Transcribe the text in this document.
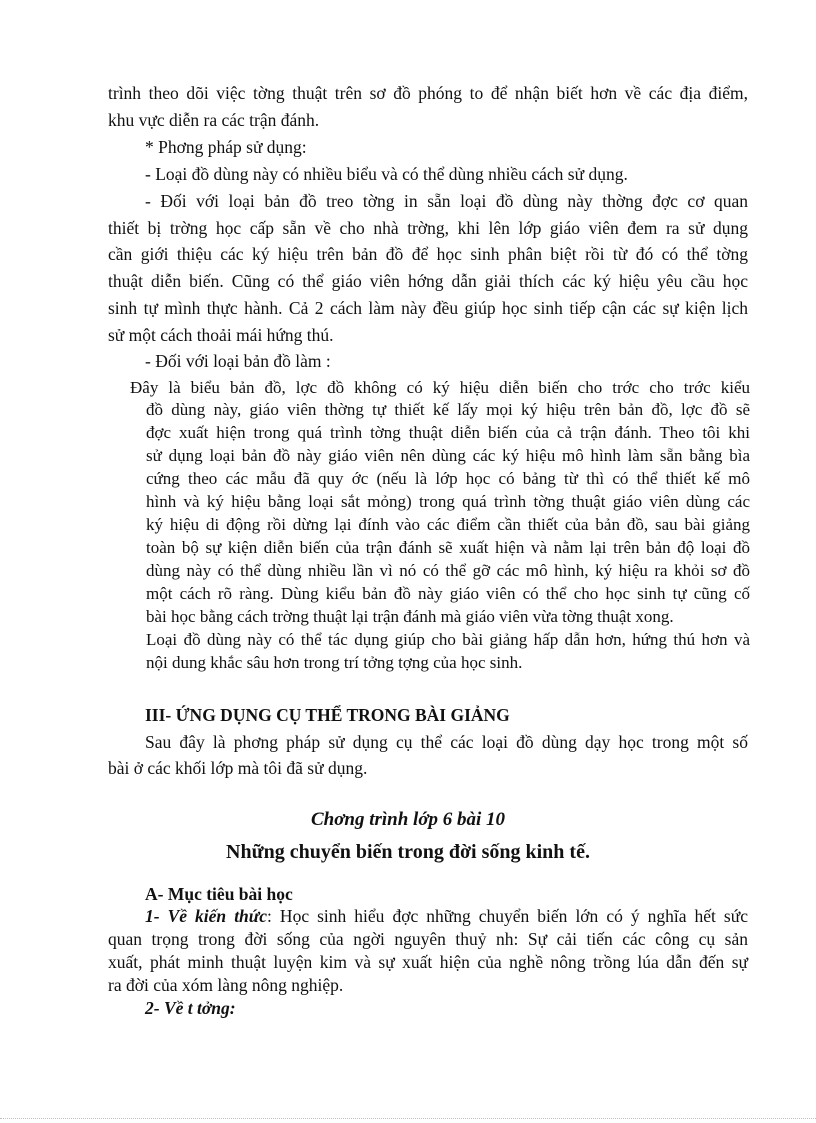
trình theo dõi việc tờng thuật trên sơ đồ phóng to để nhận biết hơn về các địa điểm,
khu vực diễn ra các trận đánh.
* Phơng pháp sử dụng:
- Loại đồ dùng này có nhiều biểu và có thể dùng nhiều cách sử dụng.
- Đối với loại bản đồ treo tờng in sẵn loại đồ dùng này thờng đợc cơ quan
thiết bị trờng học cấp sẵn về cho nhà trờng, khi lên lớp giáo viên đem ra sử dụng
cần giới thiệu các ký hiệu trên bản đồ để học sinh phân biệt rồi từ đó có thể tờng
thuật diễn biến. Cũng có thể giáo viên hớng dẫn giải thích các ký hiệu yêu cầu học
sinh tự mình thực hành. Cả 2 cách làm này đều giúp học sinh tiếp cận các sự kiện lịch
sử một cách thoải mái hứng thú.
- Đối với loại bản đồ làm :
Đây là biểu bản đồ, lợc đồ không có ký hiệu diễn biến cho trớc cho trớc kiểu
đồ dùng này, giáo viên thờng tự thiết kế lấy mọi ký hiệu trên bản đồ, lợc đồ sẽ
đợc xuất hiện trong quá trình tờng thuật diễn biến của cả trận đánh. Theo tôi khi
sử dụng loại bản đồ này giáo viên nên dùng các ký hiệu mô hình làm sẵn bằng bìa
cứng theo các mẫu đã quy ớc (nếu là lớp học có bảng từ thì có thể thiết kế mô
hình và ký hiệu bằng loại sắt mỏng) trong quá trình tờng thuật giáo viên dùng các
ký hiệu di động rồi dừng lại đính vào các điểm cần thiết của bản đồ, sau bài giảng
toàn bộ sự kiện diễn biến của trận đánh sẽ xuất hiện và nằm lại trên bản độ loại đồ
dùng này có thể dùng nhiều lần vì nó có thể gỡ các mô hình, ký hiệu ra khỏi sơ đồ
một cách rõ ràng. Dùng kiểu bản đồ này giáo viên có thể cho học sinh tự cũng cố
bài học bằng cách trờng thuật lại trận đánh mà giáo viên vừa tờng thuật xong.
Loại đồ dùng này có thể tác dụng giúp cho bài giảng hấp dẫn hơn, hứng thú hơn và
nội dung khắc sâu hơn trong trí tởng tợng của học sinh.
III- ỨNG DỤNG CỤ THỂ TRONG BÀI GIẢNG
Sau đây là phơng pháp sử dụng cụ thể các loại đồ dùng dạy học trong một số
bài ở các khối lớp mà tôi đã sử dụng.
Chơng trình lớp 6 bài 10
Những chuyển biến trong đời sống kinh tế.
A- Mục tiêu bài học
1- Về kiến thức: Học sinh hiểu đợc những chuyển biến lớn có ý nghĩa hết sức
quan trọng trong đời sống của ngời nguyên thuỷ nh: Sự cải tiến các công cụ sản
xuất, phát minh thuật luyện kim và sự xuất hiện của nghề nông trồng lúa dẫn đến sự
ra đời của xóm làng nông nghiệp.
2- Về t tởng:
